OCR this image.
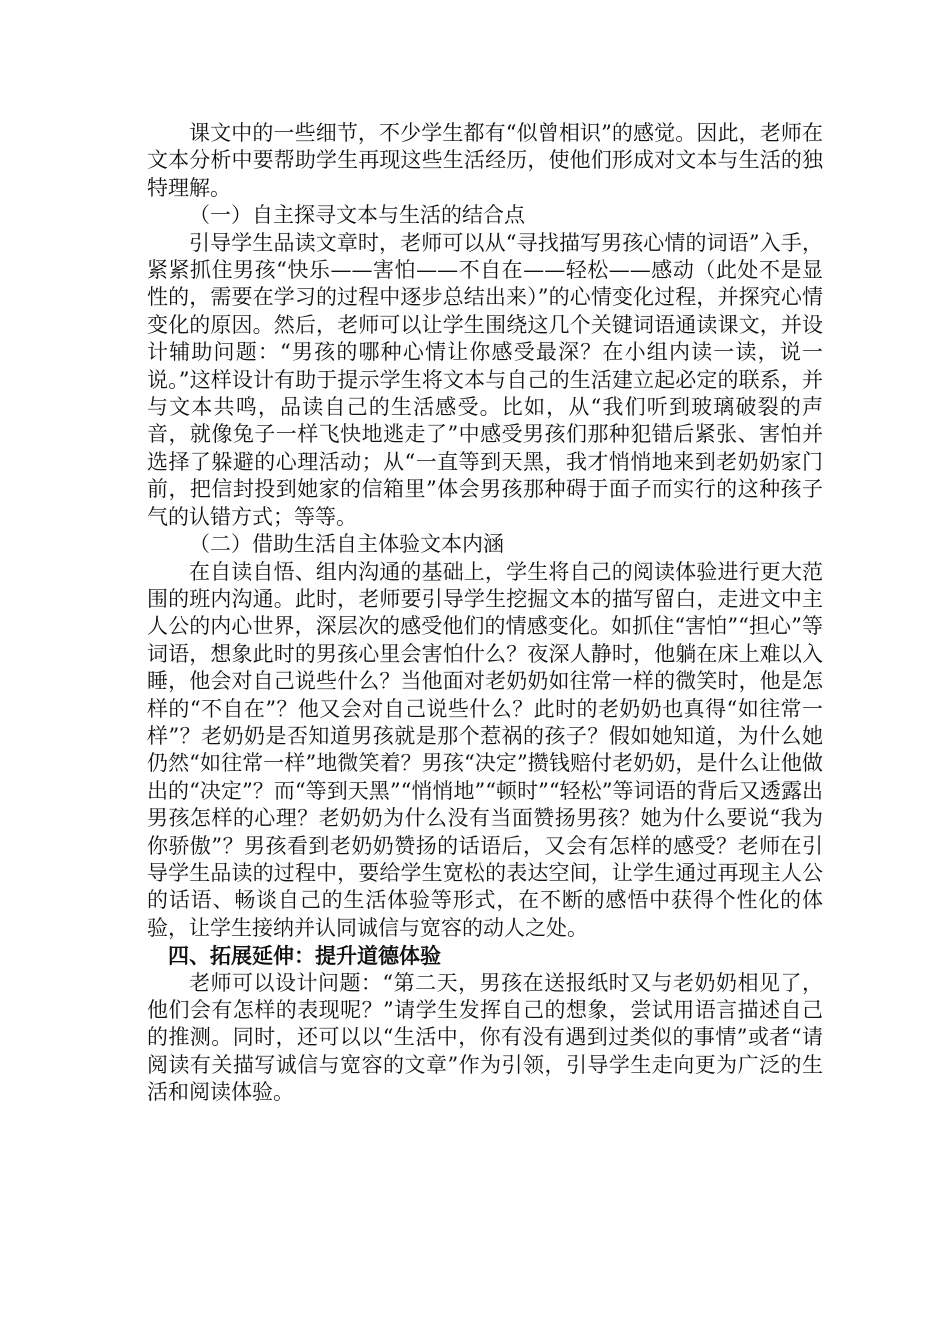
课文中的一些细节，不少学生都有“似曾相识”的感觉。因此，老师在文本分析中要帮助学生再现这些生活经历，使他们形成对文本与生活的独特理解。

（一）自主探寻文本与生活的结合点

引导学生品读文章时，老师可以从“寻找描写男孩心情的词语”入手，紧紧抓住男孩“快乐——害怕——不自在——轻松——感动（此处不是显性的，需要在学习的过程中逐步总结出来）”的心情变化过程，并探究心情变化的原因。然后，老师可以让学生围绕这几个关键词语通读课文，并设计辅助问题：“男孩的哪种心情让你感受最深？在小组内读一读，说一说。”这样设计有助于提示学生将文本与自己的生活建立起必定的联系，并与文本共鸣，品读自己的生活感受。比如，从“我们听到玻璃破裂的声音，就像兔子一样飞快地逃走了”中感受男孩们那种犯错后紧张、害怕并选择了躲避的心理活动；从“一直等到天黑，我才悄悄地来到老奶奶家门前，把信封投到她家的信箱里”体会男孩那种碍于面子而实行的这种孩子气的认错方式；等等。

（二）借助生活自主体验文本内涵

在自读自悟、组内沟通的基础上，学生将自己的阅读体验进行更大范围的班内沟通。此时，老师要引导学生挖掘文本的描写留白，走进文中主人公的内心世界，深层次的感受他们的情感变化。如抓住“害怕”“担心”等词语，想象此时的男孩心里会害怕什么？夜深人静时，他躺在床上难以入睡，他会对自己说些什么？当他面对老奶奶如往常一样的微笑时，他是怎样的“不自在”？他又会对自己说些什么？此时的老奶奶也真得“如往常一样”？老奶奶是否知道男孩就是那个惹祸的孩子？假如她知道，为什么她仍然“如往常一样”地微笑着？男孩“决定”攒钱赔付老奶奶，是什么让他做出的“决定”？而“等到天黑”“悄悄地”“顿时”“轻松”等词语的背后又透露出男孩怎样的心理？老奶奶为什么没有当面赞扬男孩？她为什么要说“我为你骄傲”？男孩看到老奶奶赞扬的话语后，又会有怎样的感受？老师在引导学生品读的过程中，要给学生宽松的表达空间，让学生通过再现主人公的话语、畅谈自己的生活体验等形式，在不断的感悟中获得个性化的体验，让学生接纳并认同诚信与宽容的动人之处。

四、拓展延伸：提升道德体验

老师可以设计问题：“第二天，男孩在送报纸时又与老奶奶相见了，他们会有怎样的表现呢？”请学生发挥自己的想象，尝试用语言描述自己的推测。同时，还可以以“生活中，你有没有遇到过类似的事情”或者“请阅读有关描写诚信与宽容的文章”作为引领，引导学生走向更为广泛的生活和阅读体验。
